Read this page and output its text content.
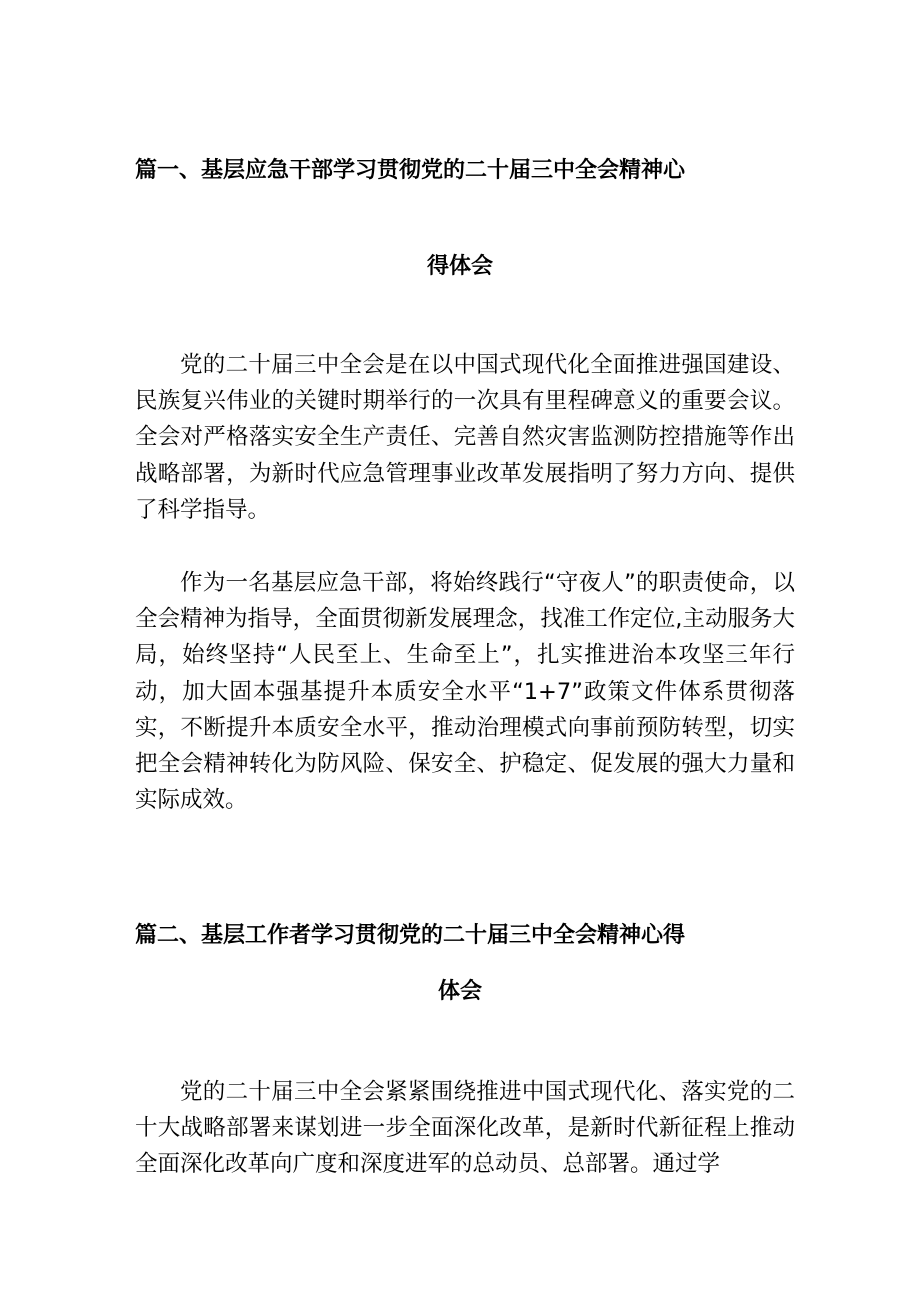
篇一、基层应急干部学习贯彻党的二十届三中全会精神心
得体会

党的二十届三中全会是在以中国式现代化全面推进强国建设、民族复兴伟业的关键时期举行的一次具有里程碑意义的重要会议。全会对严格落实安全生产责任、完善自然灾害监测防控措施等作出战略部署，为新时代应急管理事业改革发展指明了努力方向、提供了科学指导。

作为一名基层应急干部，将始终践行“守夜人”的职责使命，以全会精神为指导，全面贯彻新发展理念，找准工作定位,主动服务大局，始终坚持“人民至上、生命至上”，扎实推进治本攻坚三年行动，加大固本强基提升本质安全水平“1+7”政策文件体系贯彻落实，不断提升本质安全水平，推动治理模式向事前预防转型，切实把全会精神转化为防风险、保安全、护稳定、促发展的强大力量和实际成效。

篇二、基层工作者学习贯彻党的二十届三中全会精神心得
体会

党的二十届三中全会紧紧围绕推进中国式现代化、落实党的二十大战略部署来谋划进一步全面深化改革，是新时代新征程上推动全面深化改革向广度和深度进军的总动员、总部署。通过学
